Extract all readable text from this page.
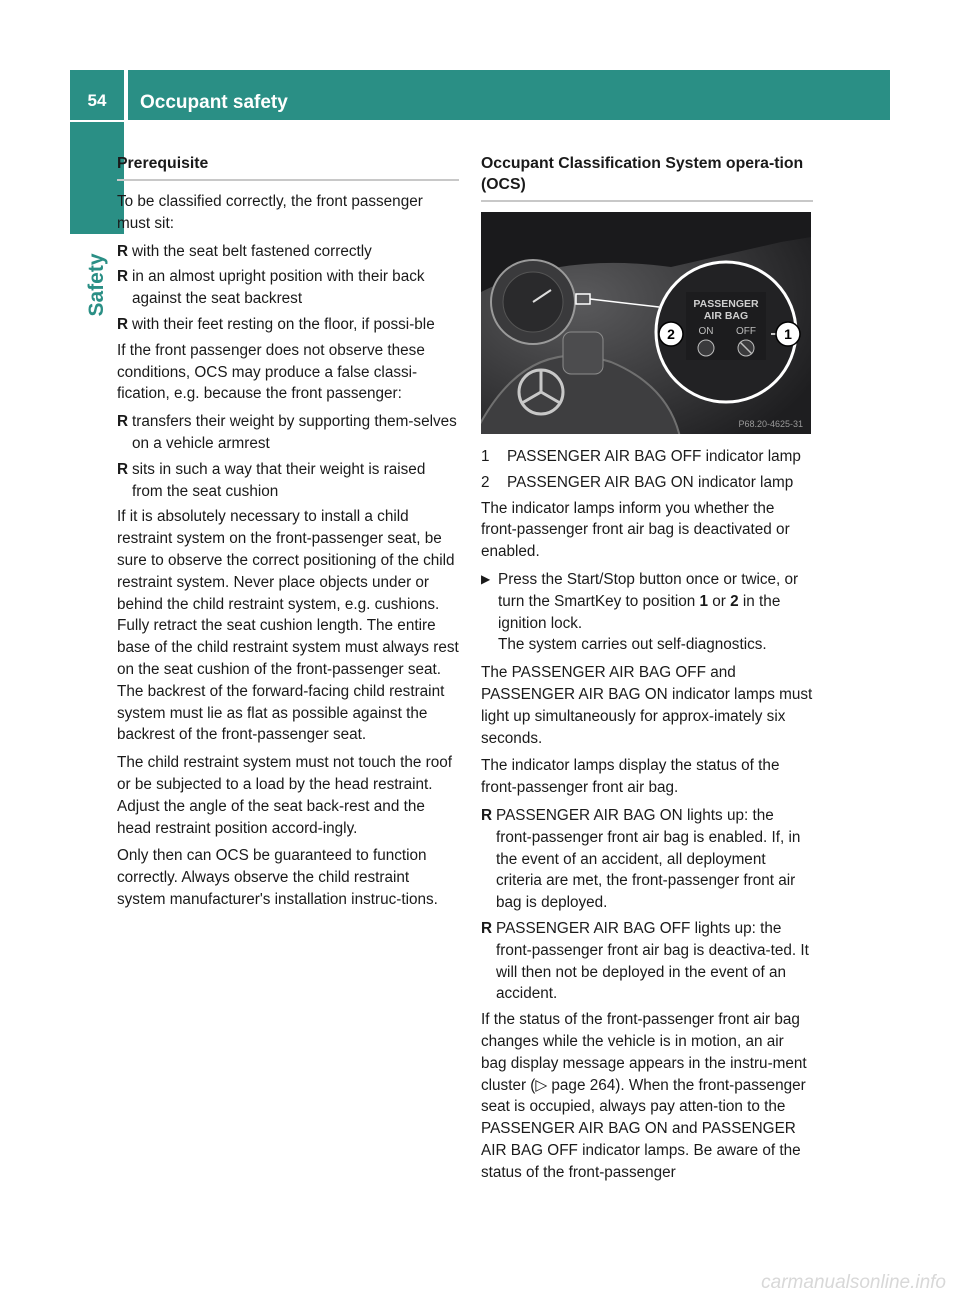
54	Occupant safety
Safety
Prerequisite

To be classified correctly, the front passenger must sit:

R with the seat belt fastened correctly
R in an almost upright position with their back against the seat backrest
R with their feet resting on the floor, if possi-ble

If the front passenger does not observe these conditions, OCS may produce a false classi-fication, e.g. because the front passenger:

R transfers their weight by supporting them-selves on a vehicle armrest
R sits in such a way that their weight is raised from the seat cushion

If it is absolutely necessary to install a child restraint system on the front-passenger seat, be sure to observe the correct positioning of the child restraint system. Never place objects under or behind the child restraint system, e.g. cushions. Fully retract the seat cushion length. The entire base of the child restraint system must always rest on the seat cushion of the front-passenger seat. The backrest of the forward-facing child restraint system must lie as flat as possible against the backrest of the front-passenger seat.

The child restraint system must not touch the roof or be subjected to a load by the head restraint. Adjust the angle of the seat back-rest and the head restraint position accord-ingly.

Only then can OCS be guaranteed to function correctly. Always observe the child restraint system manufacturer's installation instruc-tions.

Occupant Classification System opera-tion (OCS)
PASSENGER
AIR BAG
ON OFF
2	1
P68.20-4625-31
1 PASSENGER AIR BAG OFF indicator lamp
2 PASSENGER AIR BAG ON indicator lamp

The indicator lamps inform you whether the front-passenger front air bag is deactivated or enabled.

▶ Press the Start/Stop button once or twice, or turn the SmartKey to position 1 or 2 in the ignition lock.
The system carries out self-diagnostics.

The PASSENGER AIR BAG OFF and PASSENGER AIR BAG ON indicator lamps must light up simultaneously for approx-imately six seconds.

The indicator lamps display the status of the front-passenger front air bag.

R PASSENGER AIR BAG ON lights up: the front-passenger front air bag is enabled. If, in the event of an accident, all deployment criteria are met, the front-passenger front air bag is deployed.
R PASSENGER AIR BAG OFF lights up: the front-passenger front air bag is deactiva-ted. It will then not be deployed in the event of an accident.

If the status of the front-passenger front air bag changes while the vehicle is in motion, an air bag display message appears in the instru-ment cluster (▷ page 264). When the front-passenger seat is occupied, always pay atten-tion to the PASSENGER AIR BAG ON and PASSENGER AIR BAG OFF indicator lamps. Be aware of the status of the front-passenger

carmanualsonline.info
